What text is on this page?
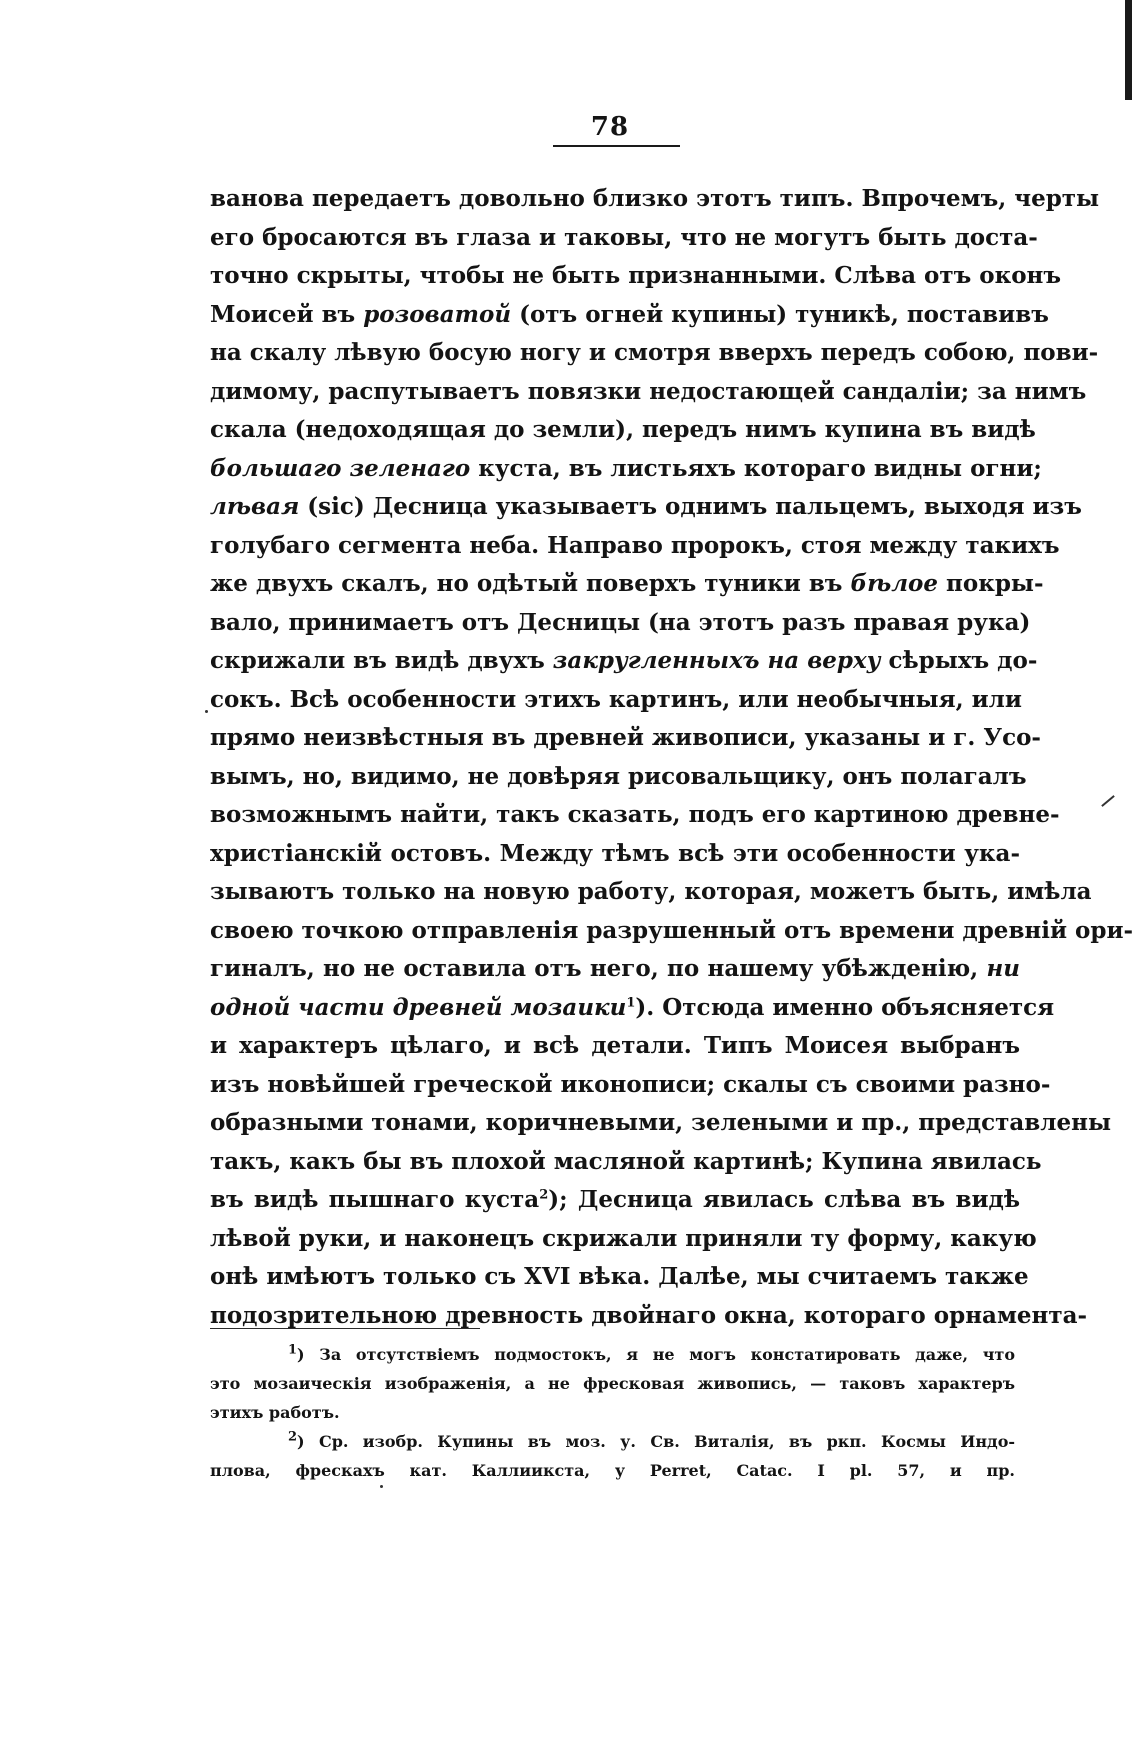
78
ванова передаетъ довольно близко этотъ типъ. Впрочемъ, черты
его бросаются въ глаза и таковы, что не могутъ быть доста-
точно скрыты, чтобы не быть признанными. Слѣва отъ оконъ
Моисей въ розоватой (отъ огней купины) туникѣ, поставивъ
на скалу лѣвую босую ногу и смотря вверхъ передъ собою, пови-
димому, распутываетъ повязки недостающей сандаліи; за нимъ
скала (недоходящая до земли), передъ нимъ купина въ видѣ
большаго зеленаго куста, въ листьяхъ котораго видны огни;
лѣвая (sic) Десница указываетъ однимъ пальцемъ, выходя изъ
голубаго сегмента неба. Направо пророкъ, стоя между такихъ
же двухъ скалъ, но одѣтый поверхъ туники въ бѣлое покры-
вало, принимаетъ отъ Десницы (на этотъ разъ правая рука)
скрижали въ видѣ двухъ закругленныхъ на верху сѣрыхъ до-
сокъ. Всѣ особенности этихъ картинъ, или необычныя, или
прямо неизвѣстныя въ древней живописи, указаны и г. Усо-
вымъ, но, видимо, не довѣряя рисовальщику, онъ полагалъ
возможнымъ найти, такъ сказать, подъ его картиною древне-
христіанскій остовъ. Между тѣмъ всѣ эти особенности ука-
зываютъ только на новую работу, которая, можетъ быть, имѣла
своею точкою отправленія разрушенный отъ времени древній ори-
гиналъ, но не оставила отъ него, по нашему убѣжденію, ни
одной части древней мозаики$^1$). Отсюда именно объясняется
и характеръ цѣлаго, и всѣ детали. Типъ Моисея выбранъ
изъ новѣйшей греческой иконописи; скалы съ своими разно-
образными тонами, коричневыми, зелеными и пр., представлены
такъ, какъ бы въ плохой масляной картинѣ; Купина явилась
въ видѣ пышнаго куста$^2$); Десница явилась слѣва въ видѣ
лѣвой руки, и наконецъ скрижали приняли ту форму, какую
онѣ имѣютъ только съ XVI вѣка. Далѣе, мы считаемъ также
подозрительною древность двойнаго окна, котораго орнамента-
$^1$) За отсутствіемъ подмостокъ, я не могъ констатировать даже, что
это мозаическія изображенія, а не фресковая живопись, — таковъ характеръ
этихъ работъ.
$^2$) Ср. изобр. Купины въ моз. у. Св. Виталія, въ ркп. Космы Индо-
плова, фрескахъ кат. Каллиикста, у Perret, Catac. I pl. 57, и пр.
